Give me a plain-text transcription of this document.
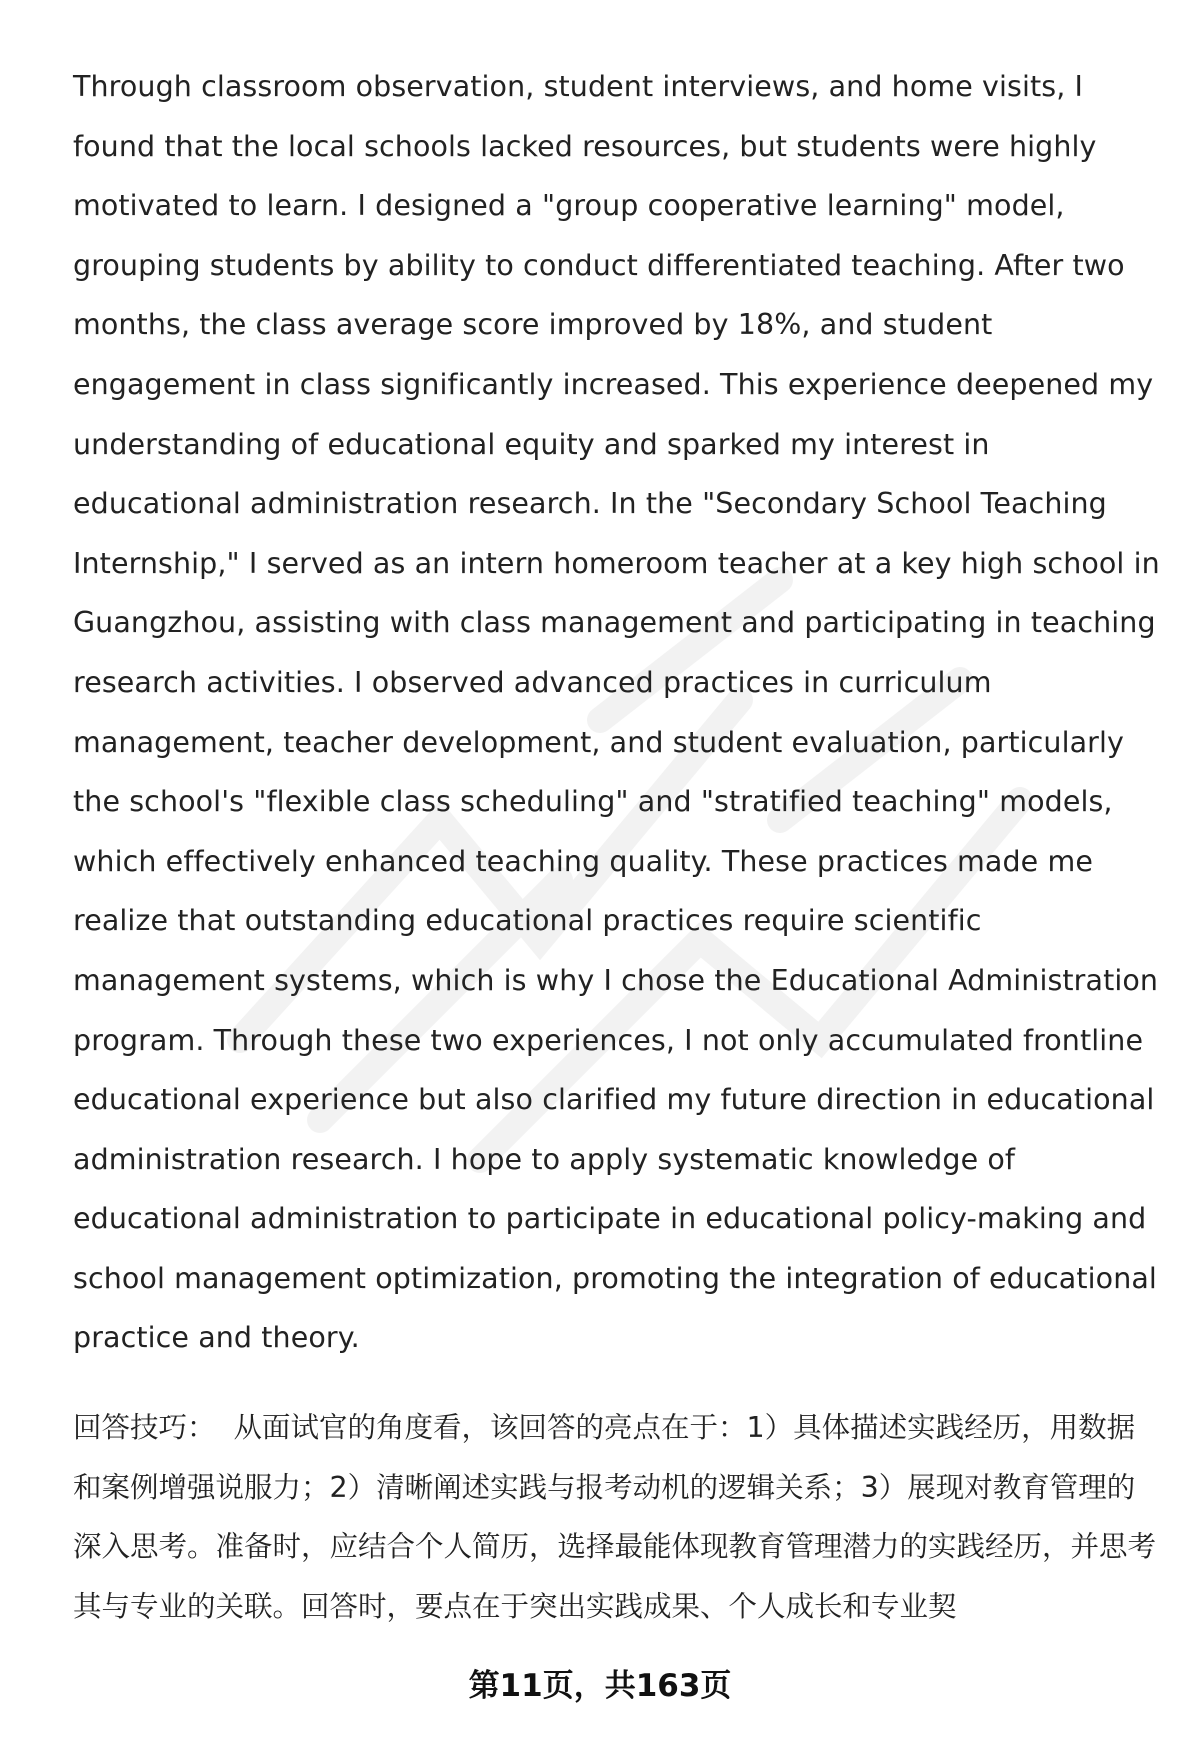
Through classroom observation, student interviews, and home visits, I found that the local schools lacked resources, but students were highly motivated to learn. I designed a "group cooperative learning" model, grouping students by ability to conduct differentiated teaching. After two months, the class average score improved by 18%, and student engagement in class significantly increased. This experience deepened my understanding of educational equity and sparked my interest in educational administration research. In the "Secondary School Teaching Internship," I served as an intern homeroom teacher at a key high school in Guangzhou, assisting with class management and participating in teaching research activities. I observed advanced practices in curriculum management, teacher development, and student evaluation, particularly the school's "flexible class scheduling" and "stratified teaching" models, which effectively enhanced teaching quality. These practices made me realize that outstanding educational practices require scientific management systems, which is why I chose the Educational Administration program. Through these two experiences, I not only accumulated frontline educational experience but also clarified my future direction in educational administration research. I hope to apply systematic knowledge of educational administration to participate in educational policy-making and school management optimization, promoting the integration of educational practice and theory.

回答技巧： 从面试官的角度看，该回答的亮点在于：1）具体描述实践经历，用数据和案例增强说服力；2）清晰阐述实践与报考动机的逻辑关系；3）展现对教育管理的深入思考。准备时，应结合个人简历，选择最能体现教育管理潜力的实践经历，并思考其与专业的关联。回答时，要点在于突出实践成果、个人成长和专业契

第11页，共163页
